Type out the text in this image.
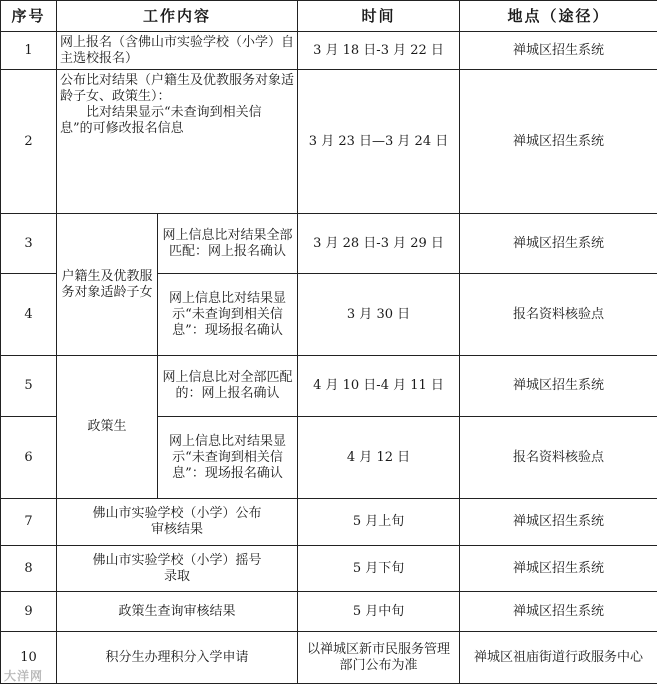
序号	工作内容		时间	地点（途径）
1	网上报名（含佛山市实验学校（小学）自主选校报名）		3 月 18 日-3 月 22 日	禅城区招生系统
2	公布比对结果（户籍生及优教服务对象适龄子女、政策生）：
比对结果显示“未查询到相关信息”的可修改报名信息		3 月 23 日—3 月 24 日	禅城区招生系统
3	户籍生及优教服务对象适龄子女	网上信息比对结果全部匹配：网上报名确认	3 月 28 日-3 月 29 日	禅城区招生系统
4		网上信息比对结果显示“未查询到相关信息”：现场报名确认	3 月 30 日	报名资料核验点
5	政策生	网上信息比对全部匹配的：网上报名确认	4 月 10 日-4 月 11 日	禅城区招生系统
6		网上信息比对结果显示“未查询到相关信息”：现场报名确认	4 月 12 日	报名资料核验点
7	佛山市实验学校（小学）公布审核结果		5 月上旬	禅城区招生系统
8	佛山市实验学校（小学）摇号录取		5 月下旬	禅城区招生系统
9	政策生查询审核结果		5 月中旬	禅城区招生系统
10	积分生办理积分入学申请		以禅城区新市民服务管理部门公布为准	禅城区祖庙街道行政服务中心
大洋网
